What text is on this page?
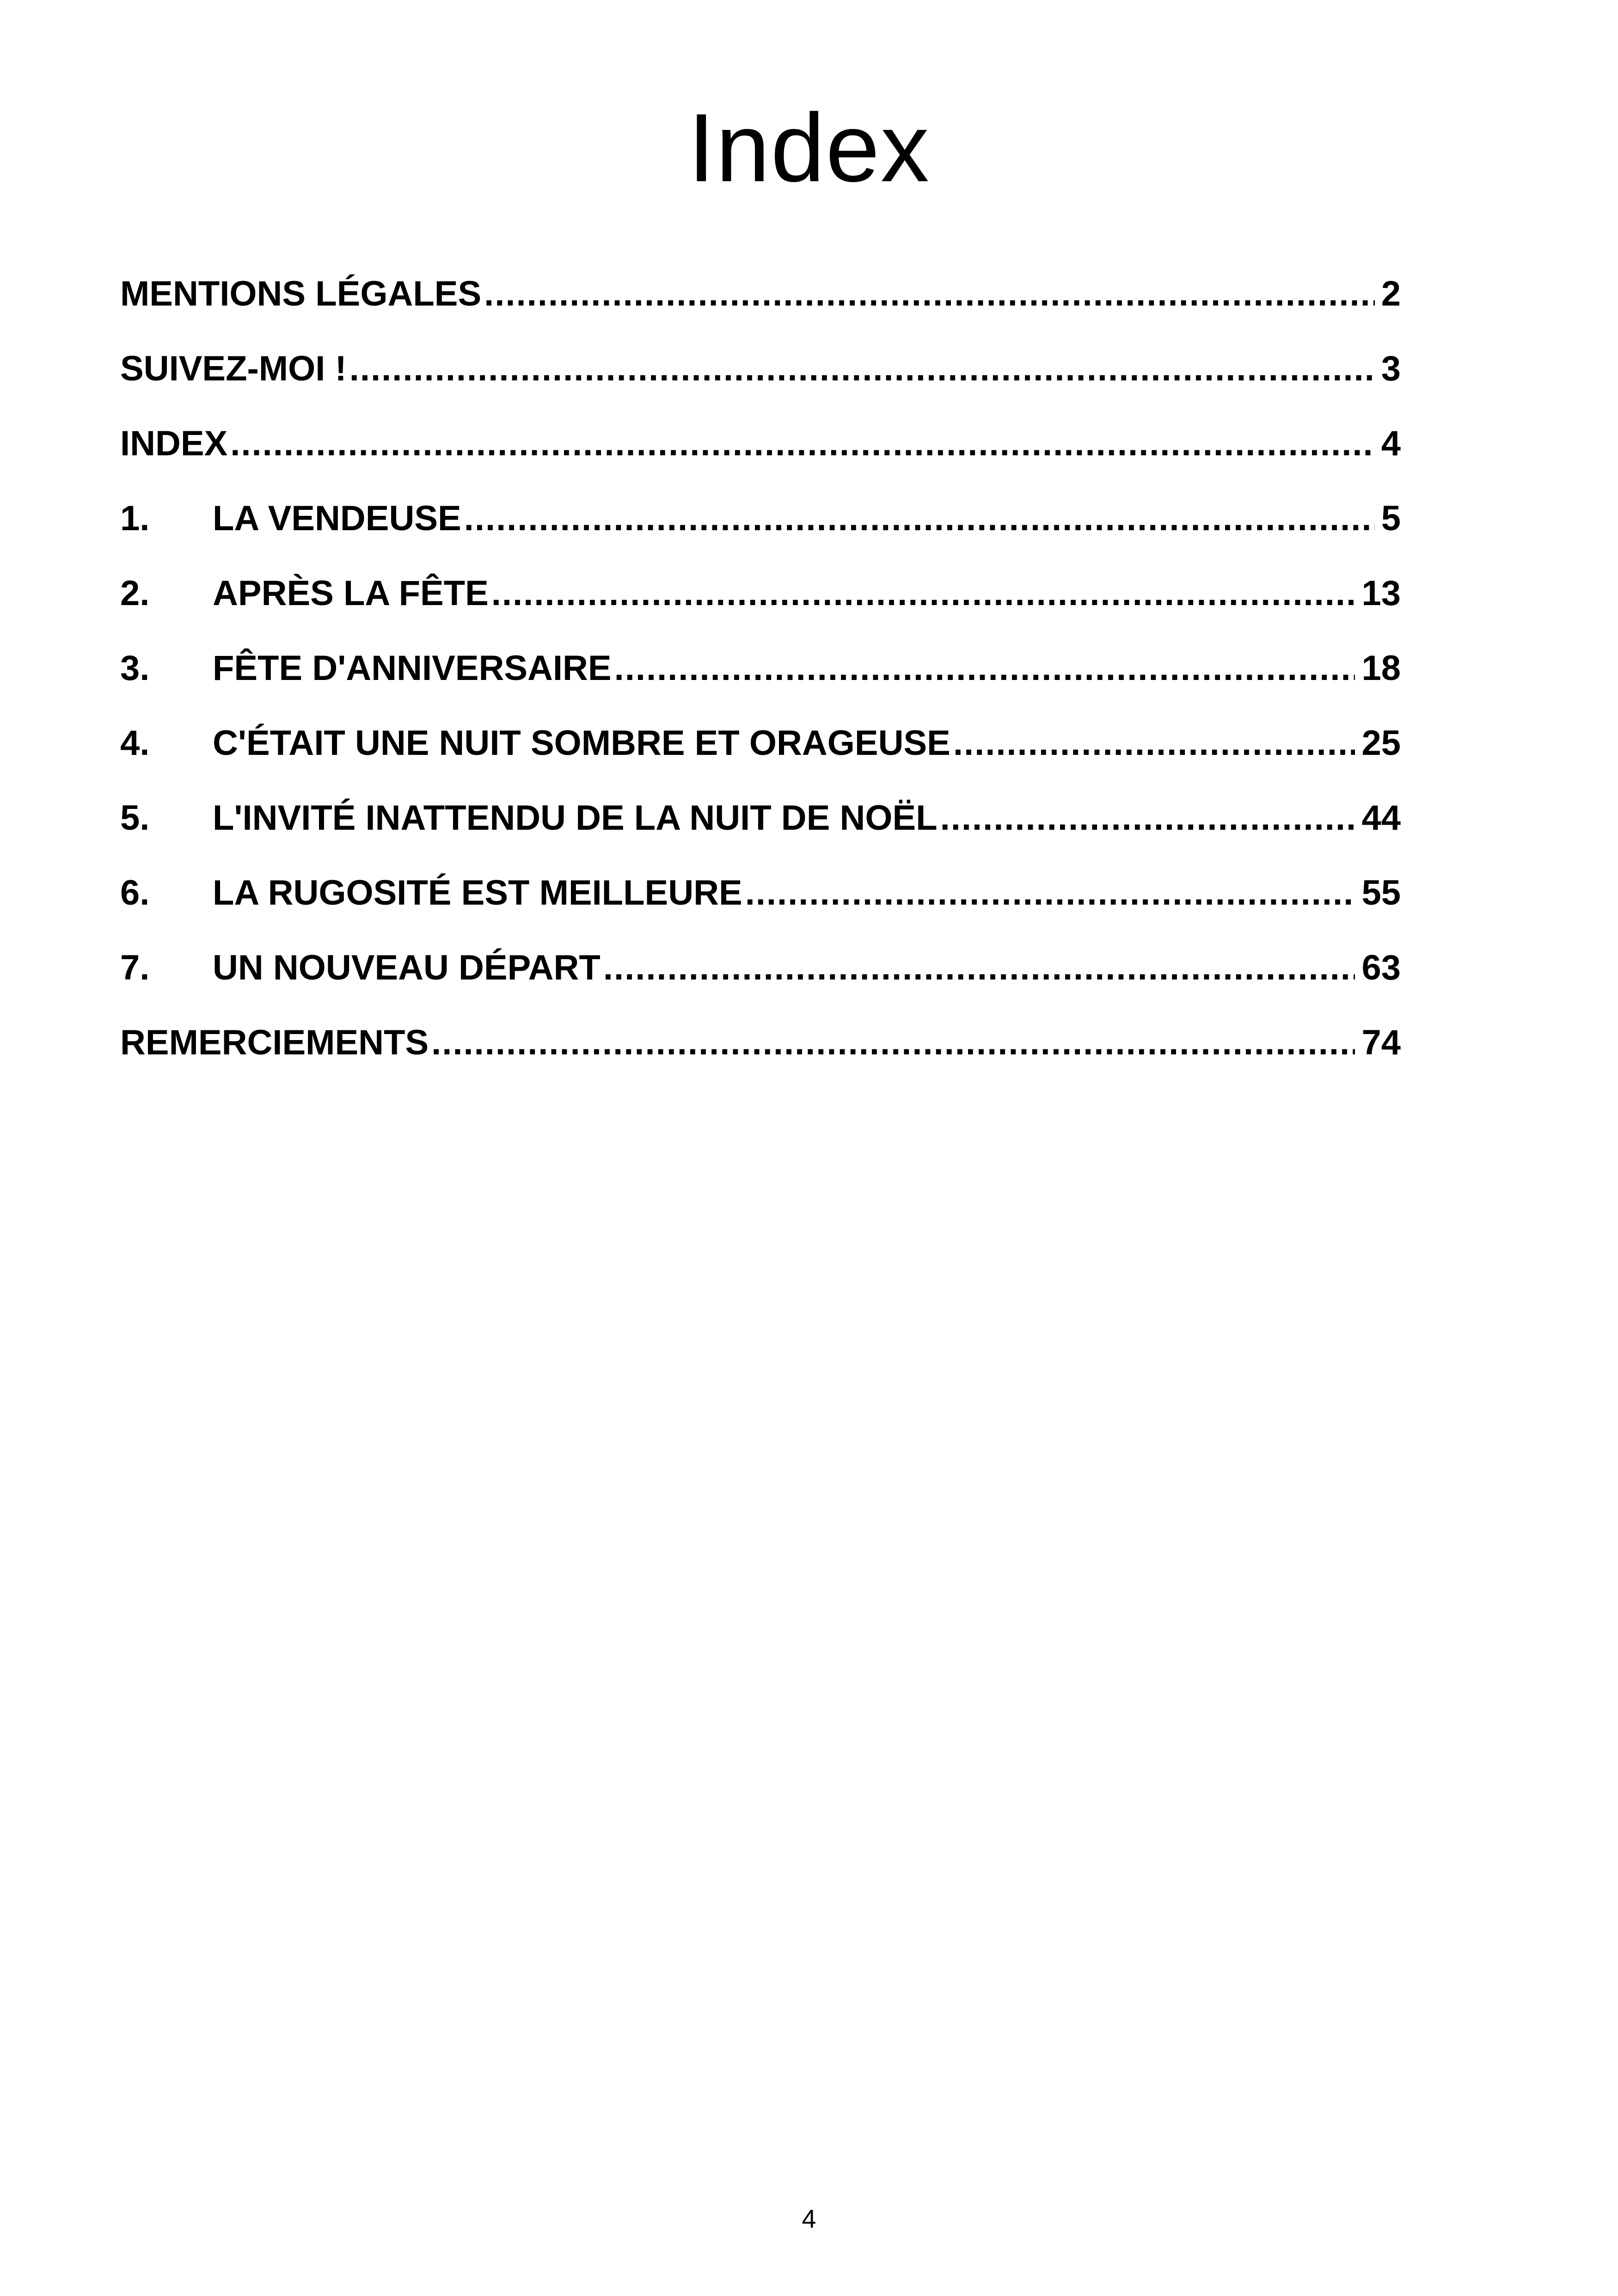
Index
MENTIONS LÉGALES .....	2
SUIVEZ-MOI ! .....	3
INDEX .....	4
1.	LA VENDEUSE .....	5
2.	APRÈS LA FÊTE .....	13
3.	FÊTE D'ANNIVERSAIRE .....	18
4.	C'ÉTAIT UNE NUIT SOMBRE ET ORAGEUSE .....	25
5.	L'INVITÉ INATTENDU DE LA NUIT DE NOËL .....	44
6.	LA RUGOSITÉ EST MEILLEURE .....	55
7.	UN NOUVEAU DÉPART .....	63
REMERCIEMENTS .....	74
4
